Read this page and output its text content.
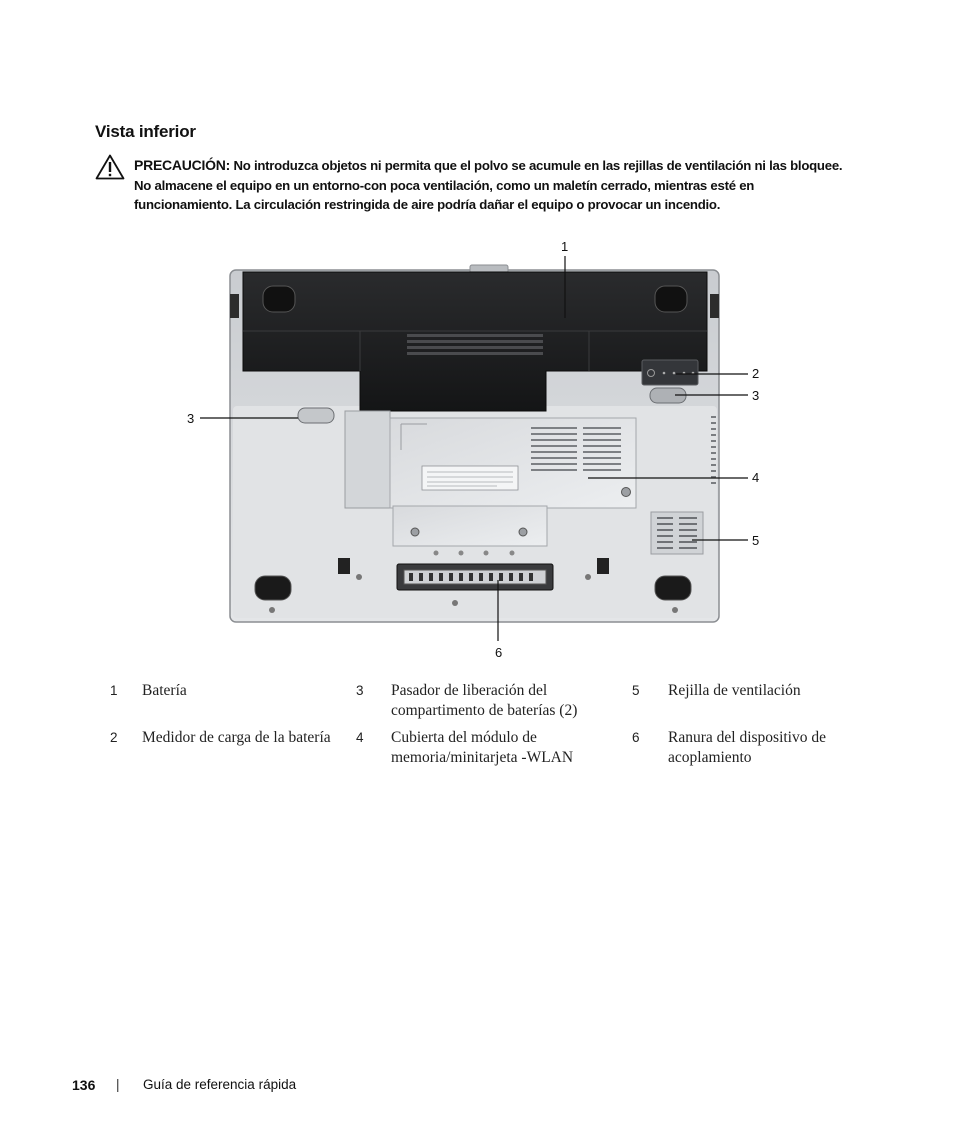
Vista inferior
PRECAUCIÓN: No introduzca objetos ni permita que el polvo se acumule en las rejillas de ventilación ni las bloquee. No almacene el equipo en un entorno-con poca ventilación, como un maletín cerrado, mientras esté en funcionamiento. La circulación restringida de aire podría dañar el equipo o provocar un incendio.
1
2
3
3
4
5
6
1 Batería
2 Medidor de carga de la batería
3 Pasador de liberación del compartimento de baterías (2)
4 Cubierta del módulo de memoria/minitarjeta -WLAN
5 Rejilla de ventilación
6 Ranura del dispositivo de acoplamiento
136 | Guía de referencia rápida
